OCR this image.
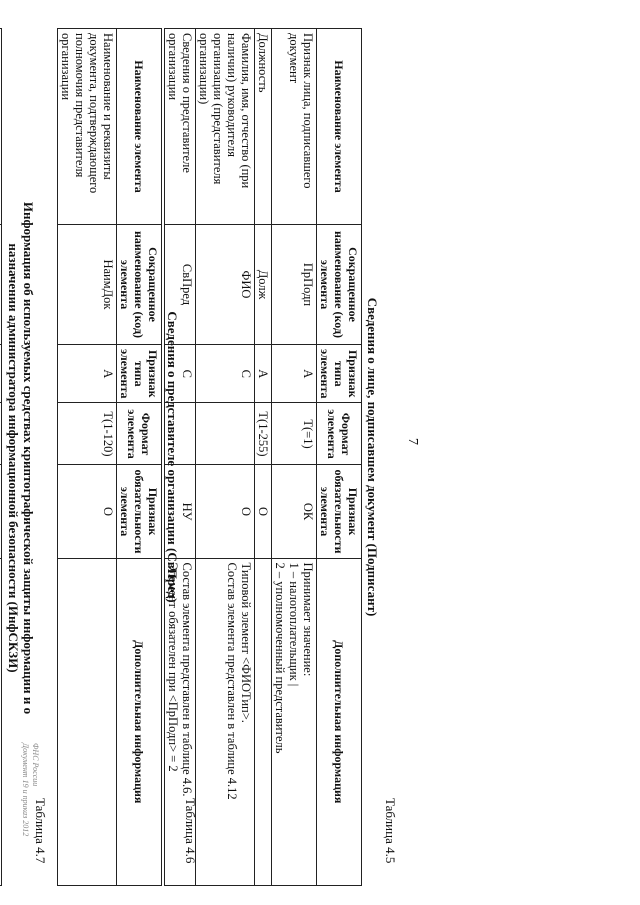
7
Таблица 4.5
Сведения о лице, подписавшем документ (Подписант)
Наименование элемента	Сокращенное наименование (код) элемента	Признак типа элемента	Формат элемента	Признак обязательности элемента	Дополнительная информация
Признак лица, подписавшего документ	ПрПодп	А	T(=1)	ОК	Принимает значение:
1 – налогоплательщик |
2 – уполномоченный представитель
Должность	Долж	А	T(1-255)	О	
Фамилия, имя, отчество (при наличии) руководителя организации (представителя организации)	ФИО	С		О	Типовой элемент <ФИОТип>.
Состав элемента представлен в таблице 4.12
Сведения о представителе организации	СвПред	С		НУ	Состав элемента представлен в таблице 4.6.
Элемент обязателен при <ПрПодп> = 2
Таблица 4.6
Сведения о представителе организации (СвПред)
Наименование элемента	Сокращенное наименование (код) элемента	Признак типа элемента	Формат элемента	Признак обязательности элемента	Дополнительная информация
Наименование и реквизиты документа, подтверждающего полномочия представителя организации	НаимДок	А	T(1-120)	О	
Таблица 4.7
Информация об используемых средствах криптографической защиты информации и о назначении администратора информационной безопасности (ИнфСКЗИ)

ФНС России
Документ 19 и приказ 2012
